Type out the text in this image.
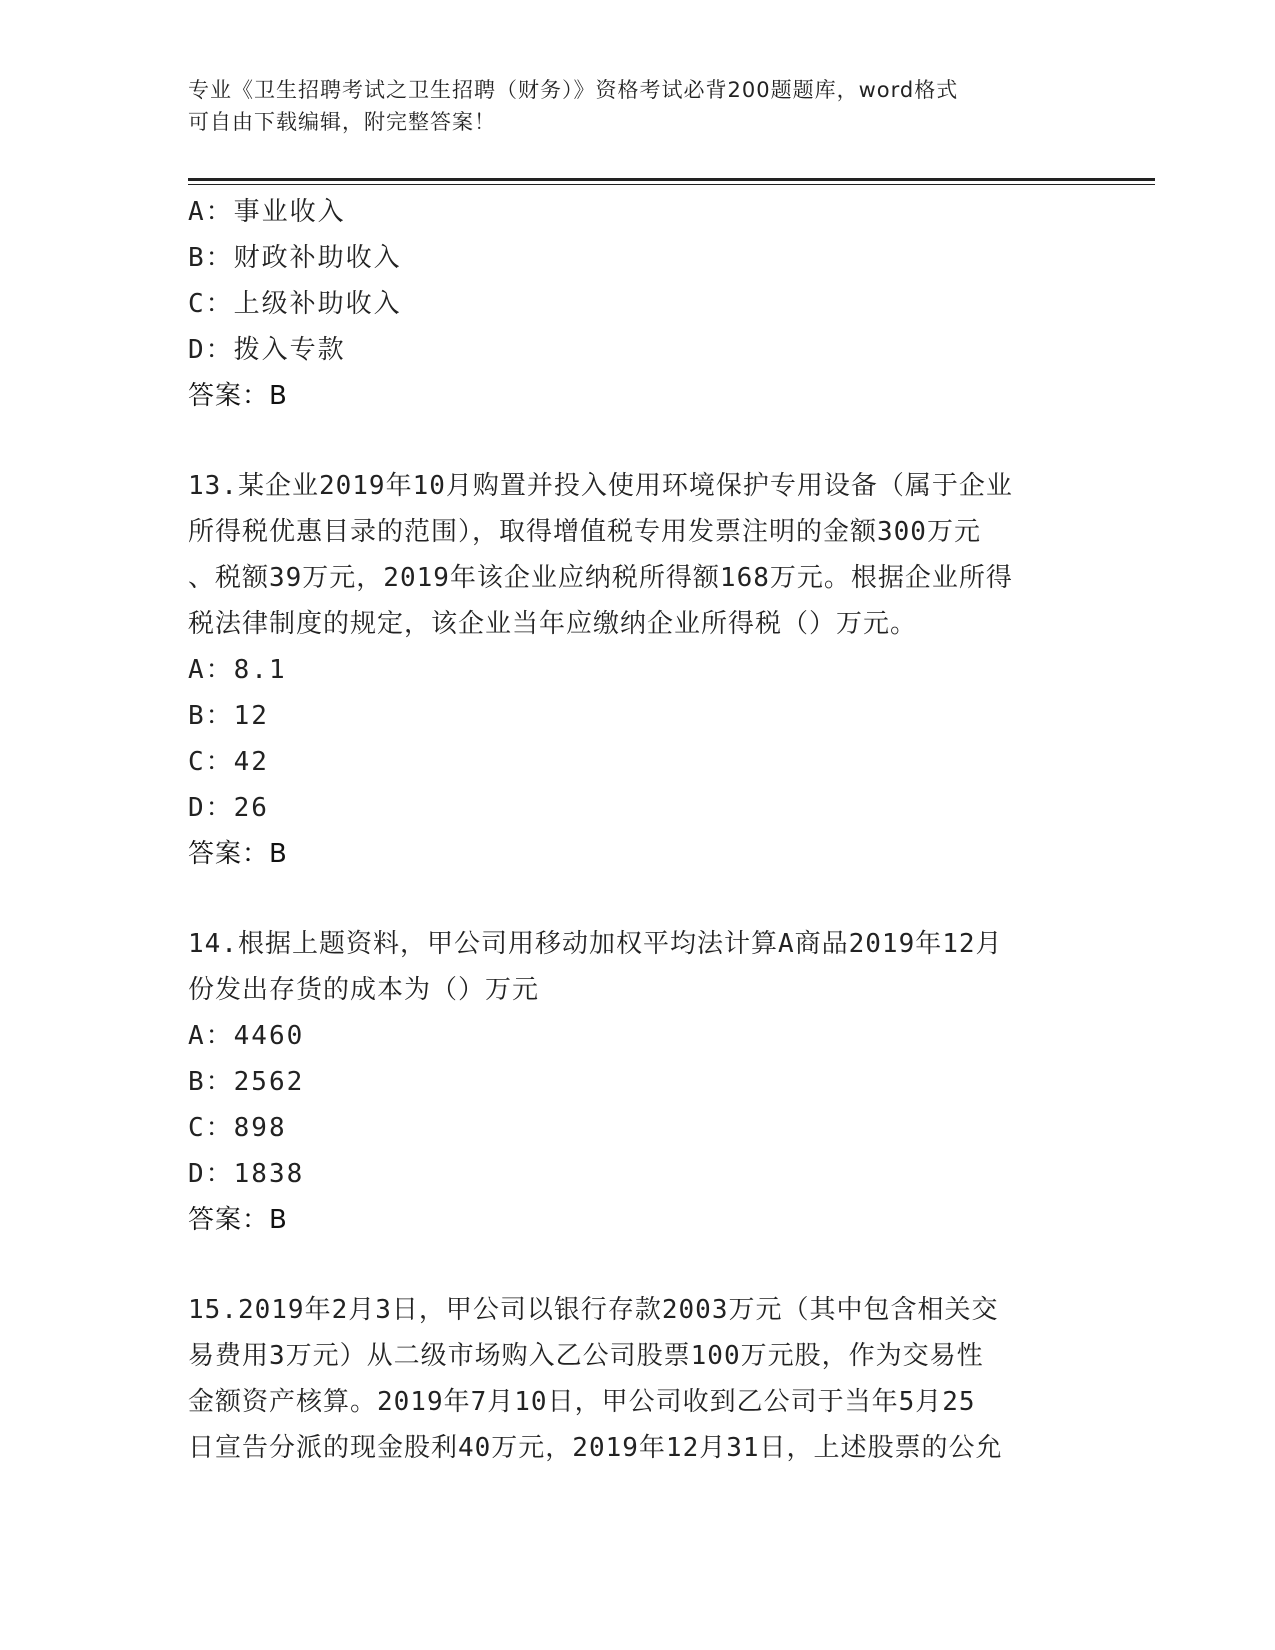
专业《卫生招聘考试之卫生招聘（财务）》资格考试必背200题题库，word格式
可自由下载编辑，附完整答案！
A：事业收入
B：财政补助收入
C：上级补助收入
D：拨入专款
答案：B
13.某企业2019年10月购置并投入使用环境保护专用设备（属于企业
所得税优惠目录的范围），取得增值税专用发票注明的金额300万元
、税额39万元，2019年该企业应纳税所得额168万元。根据企业所得
税法律制度的规定，该企业当年应缴纳企业所得税（）万元。
A：8.1
B：12
C：42
D：26
答案：B
14.根据上题资料，甲公司用移动加权平均法计算A商品2019年12月
份发出存货的成本为（）万元
A：4460
B：2562
C：898
D：1838
答案：B
15.2019年2月3日，甲公司以银行存款2003万元（其中包含相关交
易费用3万元）从二级市场购入乙公司股票100万元股，作为交易性
金额资产核算。2019年7月10日，甲公司收到乙公司于当年5月25
日宣告分派的现金股利40万元，2019年12月31日，上述股票的公允
